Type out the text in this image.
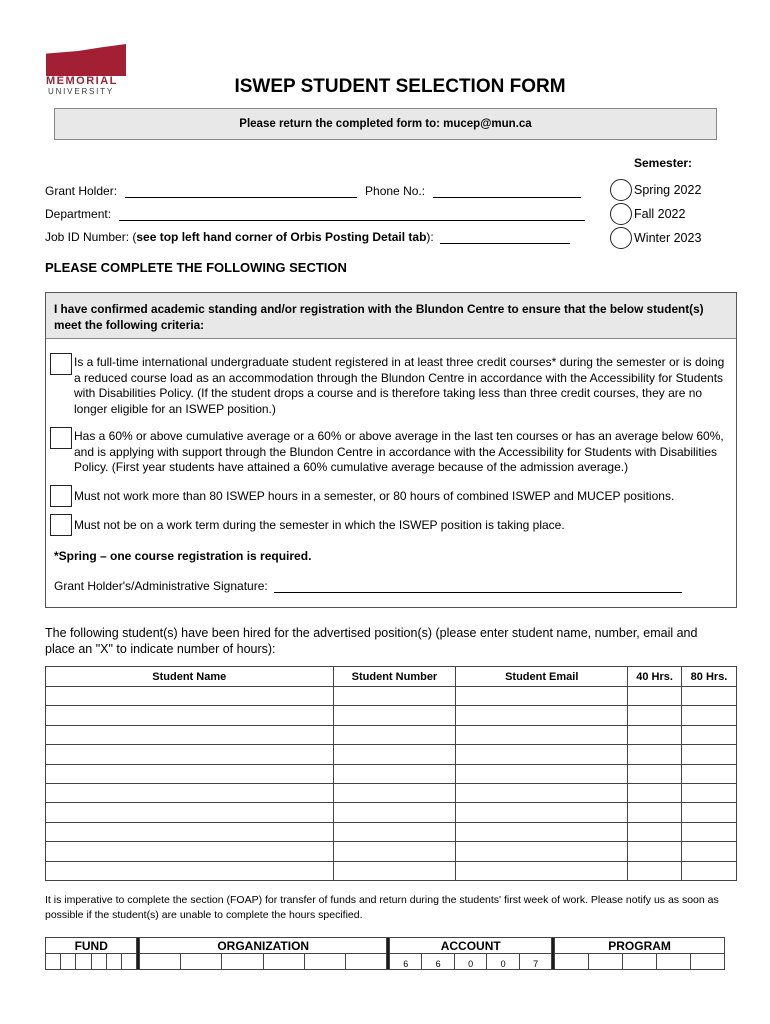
MEMORIAL
UNIVERSITY	ISWEP STUDENT SELECTION FORM
Please return the completed form to: mucep@mun.ca
Semester:
Spring 2022
Fall 2022
Winter 2023
Grant Holder:	Phone No.:
Department:
Job ID Number: ( see top left hand corner of Orbis Posting Detail tab ):
PLEASE COMPLETE THE FOLLOWING SECTION
I have confirmed academic standing and/or registration with the Blundon Centre to ensure that the below student(s) meet the following criteria:
Is a full-time international undergraduate student registered in at least three credit courses* during the semester or is doing a reduced course load as an accommodation through the Blundon Centre in accordance with the Accessibility for Students with Disabilities Policy. (If the student drops a course and is therefore taking less than three credit courses, they are no longer eligible for an ISWEP position.)
Has a 60% or above cumulative average or a 60% or above average in the last ten courses or has an average below 60%, and is applying with support through the Blundon Centre in accordance with the Accessibility for Students with Disabilities Policy. (First year students have attained a 60% cumulative average because of the admission average.)
Must not work more than 80 ISWEP hours in a semester, or 80 hours of combined ISWEP and MUCEP positions.
Must not be on a work term during the semester in which the ISWEP position is taking place.
*Spring – one course registration is required.
Grant Holder's/Administrative Signature:
The following student(s) have been hired for the advertised position(s) (please enter student name, number, email and place an "X" to indicate number of hours):
Student Name	Student Number	Student Email	40 Hrs.	80 Hrs.

It is imperative to complete the section (FOAP) for transfer of funds and return during the students' first week of work. Please notify us as soon as possible if the student(s) are unable to complete the hours specified.
FUND							ORGANIZATION							ACCOUNT						PROGRAM				
														6	6	0	0	7						
